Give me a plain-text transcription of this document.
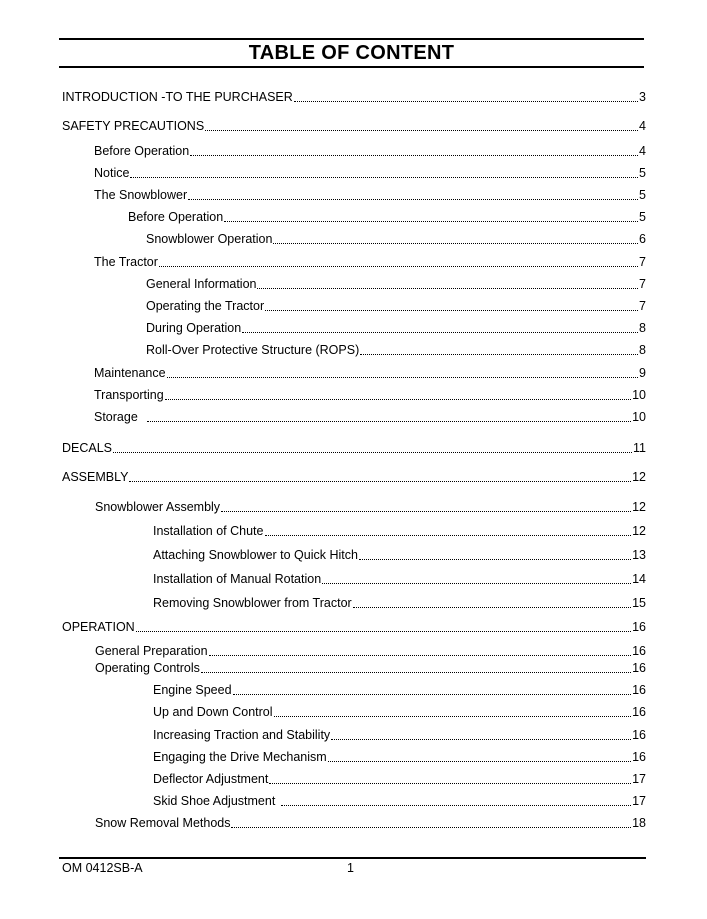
TABLE OF CONTENT
INTRODUCTION -TO THE PURCHASER	3
SAFETY PRECAUTIONS	4
Before Operation	4
Notice	5
The Snowblower	5
Before Operation	5
Snowblower Operation	6
The Tractor	7
General Information	7
Operating the Tractor	7
During Operation	8
Roll-Over Protective Structure (ROPS)	8
Maintenance	9
Transporting	10
Storage	10
DECALS	11
ASSEMBLY	12
Snowblower Assembly	12
Installation of Chute	12
Attaching Snowblower to Quick Hitch	13
Installation of Manual Rotation	14
Removing Snowblower from Tractor	15
OPERATION	16
General Preparation	16
Operating Controls	16
Engine Speed	16
Up and Down Control	16
Increasing Traction and Stability	16
Engaging the Drive Mechanism	16
Deflector Adjustment	17
Skid Shoe Adjustment	17
Snow Removal Methods	18
OM 0412SB-A	1
